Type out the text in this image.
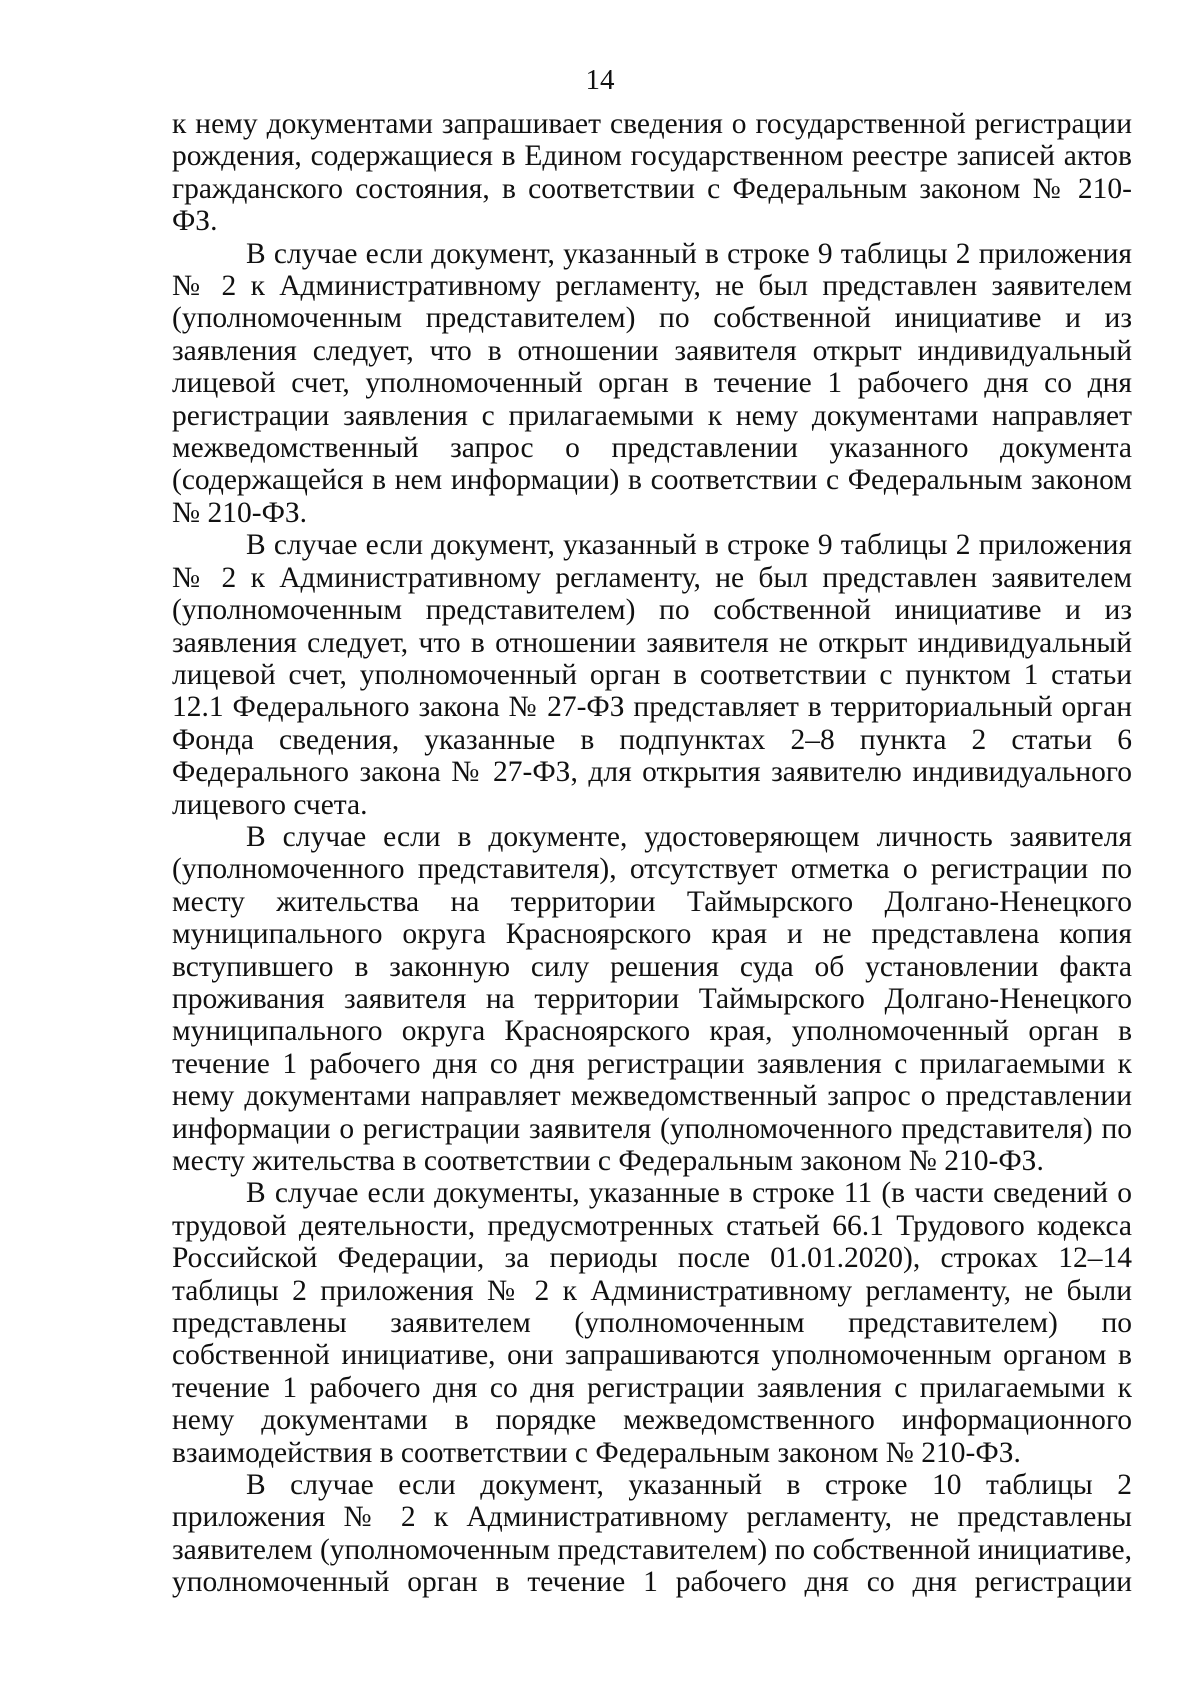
14

к нему документами запрашивает сведения о государственной регистрации рождения, содержащиеся в Едином государственном реестре записей актов гражданского состояния, в соответствии с Федеральным законом № 210-ФЗ.

В случае если документ, указанный в строке 9 таблицы 2 приложения № 2 к Административному регламенту, не был представлен заявителем (уполномоченным представителем) по собственной инициативе и из заявления следует, что в отношении заявителя открыт индивидуальный лицевой счет, уполномоченный орган в течение 1 рабочего дня со дня регистрации заявления с прилагаемыми к нему документами направляет межведомственный запрос о представлении указанного документа (содержащейся в нем информации) в соответствии с Федеральным законом № 210-ФЗ.

В случае если документ, указанный в строке 9 таблицы 2 приложения № 2 к Административному регламенту, не был представлен заявителем (уполномоченным представителем) по собственной инициативе и из заявления следует, что в отношении заявителя не открыт индивидуальный лицевой счет, уполномоченный орган в соответствии с пунктом 1 статьи 12.1 Федерального закона № 27-ФЗ представляет в территориальный орган Фонда сведения, указанные в подпунктах 2–8 пункта 2 статьи 6 Федерального закона № 27-ФЗ, для открытия заявителю индивидуального лицевого счета.

В случае если в документе, удостоверяющем личность заявителя (уполномоченного представителя), отсутствует отметка о регистрации по месту жительства на территории Таймырского Долгано-Ненецкого муниципального округа Красноярского края и не представлена копия вступившего в законную силу решения суда об установлении факта проживания заявителя на территории Таймырского Долгано-Ненецкого муниципального округа Красноярского края, уполномоченный орган в течение 1 рабочего дня со дня регистрации заявления с прилагаемыми к нему документами направляет межведомственный запрос о представлении информации о регистрации заявителя (уполномоченного представителя) по месту жительства в соответствии с Федеральным законом № 210-ФЗ.

В случае если документы, указанные в строке 11 (в части сведений о трудовой деятельности, предусмотренных статьей 66.1 Трудового кодекса Российской Федерации, за периоды после 01.01.2020), строках 12–14 таблицы 2 приложения № 2 к Административному регламенту, не были представлены заявителем (уполномоченным представителем) по собственной инициативе, они запрашиваются уполномоченным органом в течение 1 рабочего дня со дня регистрации заявления с прилагаемыми к нему документами в порядке межведомственного информационного взаимодействия в соответствии с Федеральным законом № 210-ФЗ.

В случае если документ, указанный в строке 10 таблицы 2 приложения № 2 к Административному регламенту, не представлены заявителем (уполномоченным представителем) по собственной инициативе, уполномоченный орган в течение 1 рабочего дня со дня регистрации
